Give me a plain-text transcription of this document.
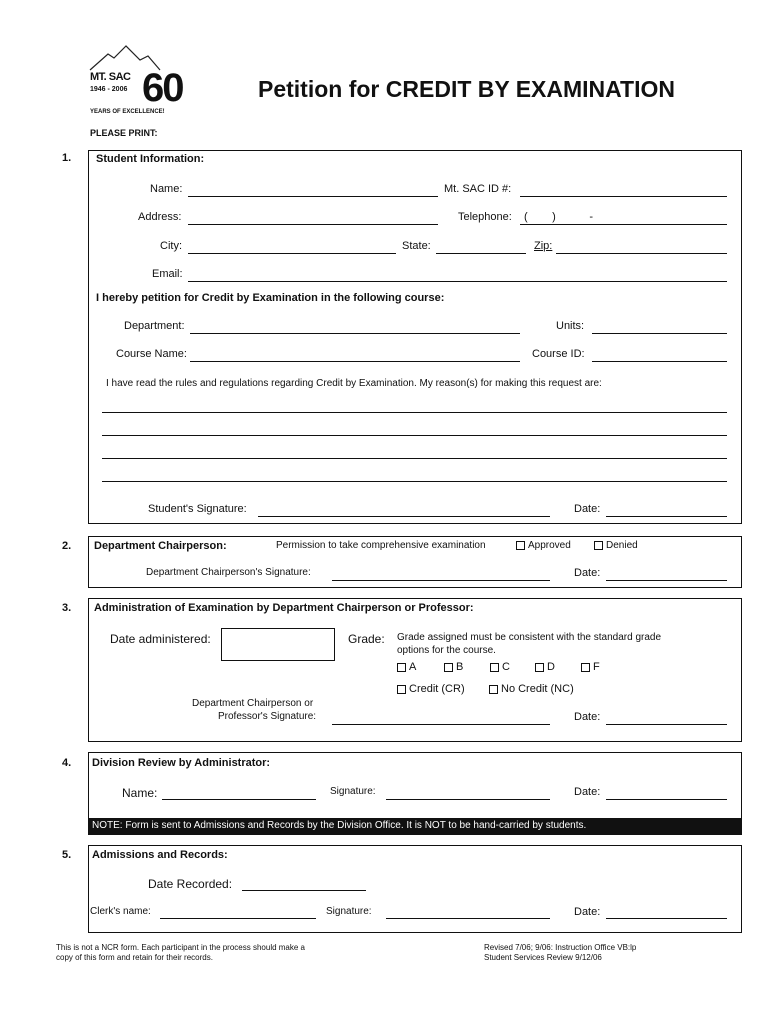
MT. SAC
1946 - 2006 60
YEARS OF EXCELLENCE!
Petition for CREDIT BY EXAMINATION
PLEASE PRINT:
1. Student Information:
Name:	Mt. SAC ID #:
Address:	Telephone: (        )           -
City:	State:	Zip:
Email:
I hereby petition for Credit by Examination in the following course:
Department:	Units:
Course Name:	Course ID:
I have read the rules and regulations regarding Credit by Examination. My reason(s) for making this request are:
Student's Signature:	Date:
2. Department Chairperson:	Permission to take comprehensive examination	Approved	Denied
Department Chairperson's Signature:	Date:
3. Administration of Examination by Department Chairperson or Professor:
Date administered:	Grade: Grade assigned must be consistent with the standard grade
options for the course.
A	B	C	D	F
Credit (CR)	No Credit (NC)
Department Chairperson or
Professor's Signature:	Date:
4. Division Review by Administrator:
Name:	Signature:	Date:
NOTE: Form is sent to Admissions and Records by the Division Office. It is NOT to be hand-carried by students.
5. Admissions and Records:
Date Recorded:
Clerk's name:	Signature:	Date:
This is not a NCR form. Each participant in the process should make a
copy of this form and retain for their records.
Revised 7/06; 9/06: Instruction Office VB:lp
Student Services Review 9/12/06
